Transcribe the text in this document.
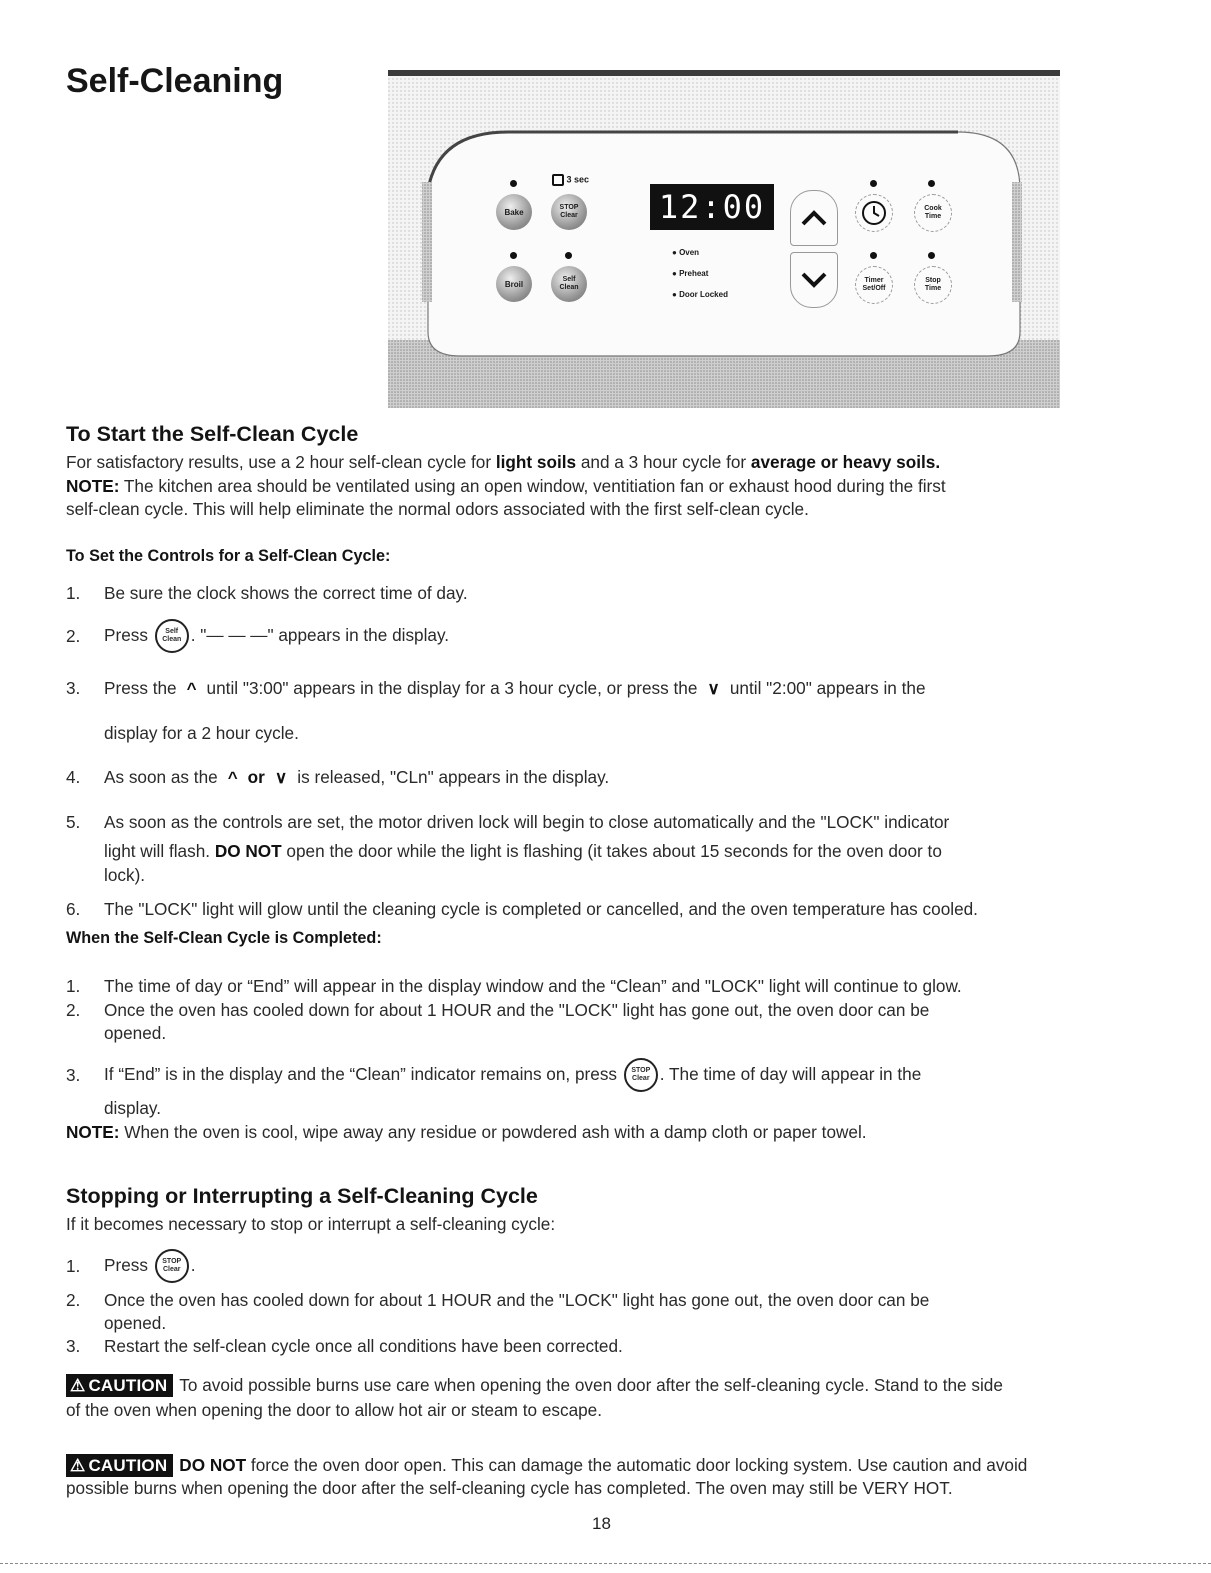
Self-Cleaning
3 sec
Bake	STOP
Clear
Broil	Self
Clean
12:00
● Oven
● Preheat
● Door Locked
Cook
Time
Timer
Set/Off
Stop
Time
To Start the Self-Clean Cycle
For satisfactory results, use a 2 hour self-clean cycle for light soils and a 3 hour cycle for average or heavy soils.
NOTE: The kitchen area should be ventilated using an open window, ventitiation fan or exhaust hood during the first
self-clean cycle. This will help eliminate the normal odors associated with the first self-clean cycle.
To Set the Controls for a Self-Clean Cycle:
1. Be sure the clock shows the correct time of day.
2. Press Self
Clean . "— — —" appears in the display.
3. Press the ^ until "3:00" appears in the display for a 3 hour cycle, or press the ∨ until "2:00" appears in the
display for a 2 hour cycle.
4. As soon as the ^ or ∨ is released, "CLn" appears in the display.
5. As soon as the controls are set, the motor driven lock will begin to close automatically and the "LOCK" indicator
light will flash. DO NOT open the door while the light is flashing (it takes about 15 seconds for the oven door to
lock).
6. The "LOCK" light will glow until the cleaning cycle is completed or cancelled, and the oven temperature has cooled.
When the Self-Clean Cycle is Completed:
1. The time of day or “End” will appear in the display window and the “Clean” and "LOCK" light will continue to glow.
2. Once the oven has cooled down for about 1 HOUR and the "LOCK" light has gone out, the oven door can be
opened.
3. If “End” is in the display and the “Clean” indicator remains on, press STOP
Clear . The time of day will appear in the
display.
NOTE: When the oven is cool, wipe away any residue or powdered ash with a damp cloth or paper towel.
Stopping or Interrupting a Self-Cleaning Cycle
If it becomes necessary to stop or interrupt a self-cleaning cycle:
1. Press STOP
Clear .
2. Once the oven has cooled down for about 1 HOUR and the "LOCK" light has gone out, the oven door can be
opened.
3. Restart the self-clean cycle once all conditions have been corrected.
⚠ CAUTION To avoid possible burns use care when opening the oven door after the self-cleaning cycle. Stand to the side
of the oven when opening the door to allow hot air or steam to escape.
⚠ CAUTION DO NOT force the oven door open. This can damage the automatic door locking system. Use caution and avoid
possible burns when opening the door after the self-cleaning cycle has completed. The oven may still be VERY HOT.
18
